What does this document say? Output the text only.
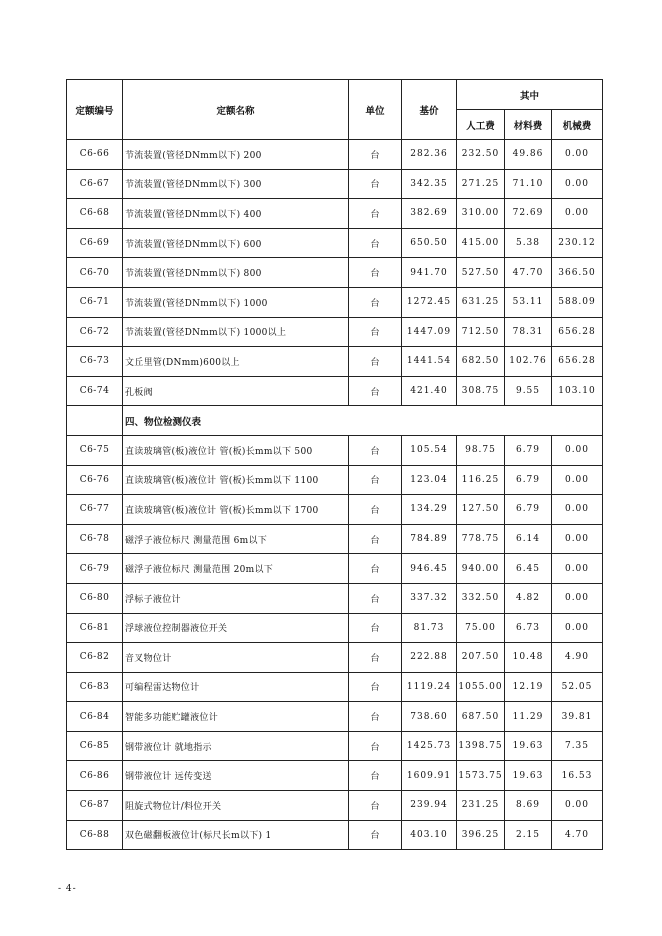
定额编号	定额名称	单位	基价	其中		
				人工费	材料费	机械费
C6-66	节流装置(管径DNmm以下) 200	台	282.36	232.50	49.86	0.00
C6-67	节流装置(管径DNmm以下) 300	台	342.35	271.25	71.10	0.00
C6-68	节流装置(管径DNmm以下) 400	台	382.69	310.00	72.69	0.00
C6-69	节流装置(管径DNmm以下) 600	台	650.50	415.00	5.38	230.12
C6-70	节流装置(管径DNmm以下) 800	台	941.70	527.50	47.70	366.50
C6-71	节流装置(管径DNmm以下) 1000	台	1272.45	631.25	53.11	588.09
C6-72	节流装置(管径DNmm以下) 1000以上	台	1447.09	712.50	78.31	656.28
C6-73	文丘里管(DNmm)600以上	台	1441.54	682.50	102.76	656.28
C6-74	孔板阀	台	421.40	308.75	9.55	103.10
	四、物位检测仪表					
C6-75	直读玻璃管(板)液位计 管(板)长mm以下 500	台	105.54	98.75	6.79	0.00
C6-76	直读玻璃管(板)液位计 管(板)长mm以下 1100	台	123.04	116.25	6.79	0.00
C6-77	直读玻璃管(板)液位计 管(板)长mm以下 1700	台	134.29	127.50	6.79	0.00
C6-78	磁浮子液位标尺 测量范围 6m以下	台	784.89	778.75	6.14	0.00
C6-79	磁浮子液位标尺 测量范围 20m以下	台	946.45	940.00	6.45	0.00
C6-80	浮标子液位计	台	337.32	332.50	4.82	0.00
C6-81	浮球液位控制器液位开关	台	81.73	75.00	6.73	0.00
C6-82	音叉物位计	台	222.88	207.50	10.48	4.90
C6-83	可编程雷达物位计	台	1119.24	1055.00	12.19	52.05
C6-84	智能多功能贮罐液位计	台	738.60	687.50	11.29	39.81
C6-85	钢带液位计 就地指示	台	1425.73	1398.75	19.63	7.35
C6-86	钢带液位计 远传变送	台	1609.91	1573.75	19.63	16.53
C6-87	阻旋式物位计/料位开关	台	239.94	231.25	8.69	0.00
C6-88	双色磁翻板液位计(标尺长m以下) 1	台	403.10	396.25	2.15	4.70
- 4-
